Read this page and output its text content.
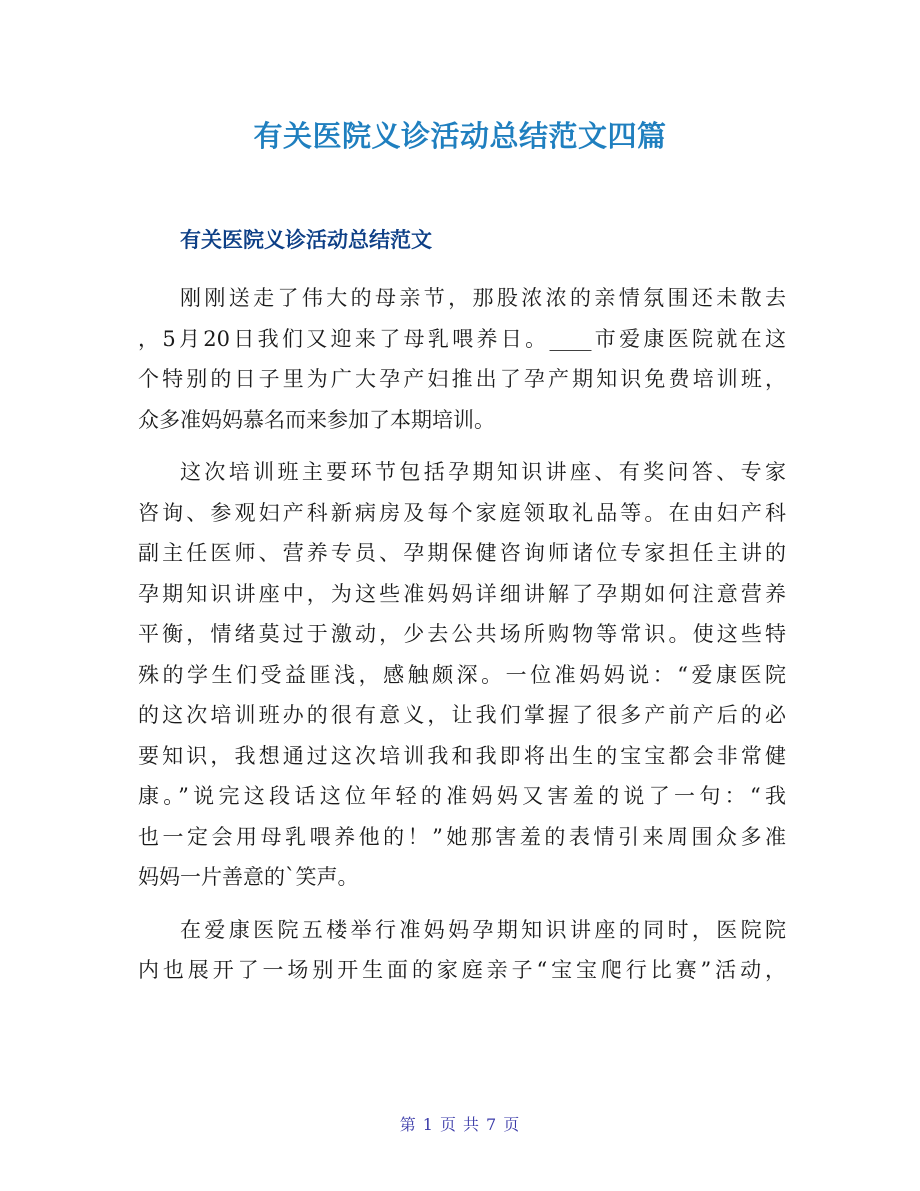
有关医院义诊活动总结范文四篇
有关医院义诊活动总结范文
刚刚送走了伟大的母亲节，那股浓浓的亲情氛围还未散去
，5月20日我们又迎来了母乳喂养日。____市爱康医院就在这
个特别的日子里为广大孕产妇推出了孕产期知识免费培训班，
众多准妈妈慕名而来参加了本期培训。
这次培训班主要环节包括孕期知识讲座、有奖问答、专家
咨询、参观妇产科新病房及每个家庭领取礼品等。在由妇产科
副主任医师、营养专员、孕期保健咨询师诸位专家担任主讲的
孕期知识讲座中，为这些准妈妈详细讲解了孕期如何注意营养
平衡，情绪莫过于激动，少去公共场所购物等常识。使这些特
殊的学生们受益匪浅，感触颇深。一位准妈妈说：“爱康医院
的这次培训班办的很有意义，让我们掌握了很多产前产后的必
要知识，我想通过这次培训我和我即将出生的宝宝都会非常健
康。”说完这段话这位年轻的准妈妈又害羞的说了一句：“我
也一定会用母乳喂养他的！”她那害羞的表情引来周围众多准
妈妈一片善意的`笑声。
在爱康医院五楼举行准妈妈孕期知识讲座的同时，医院院
内也展开了一场别开生面的家庭亲子“宝宝爬行比赛”活动，
第 1 页 共 7 页
